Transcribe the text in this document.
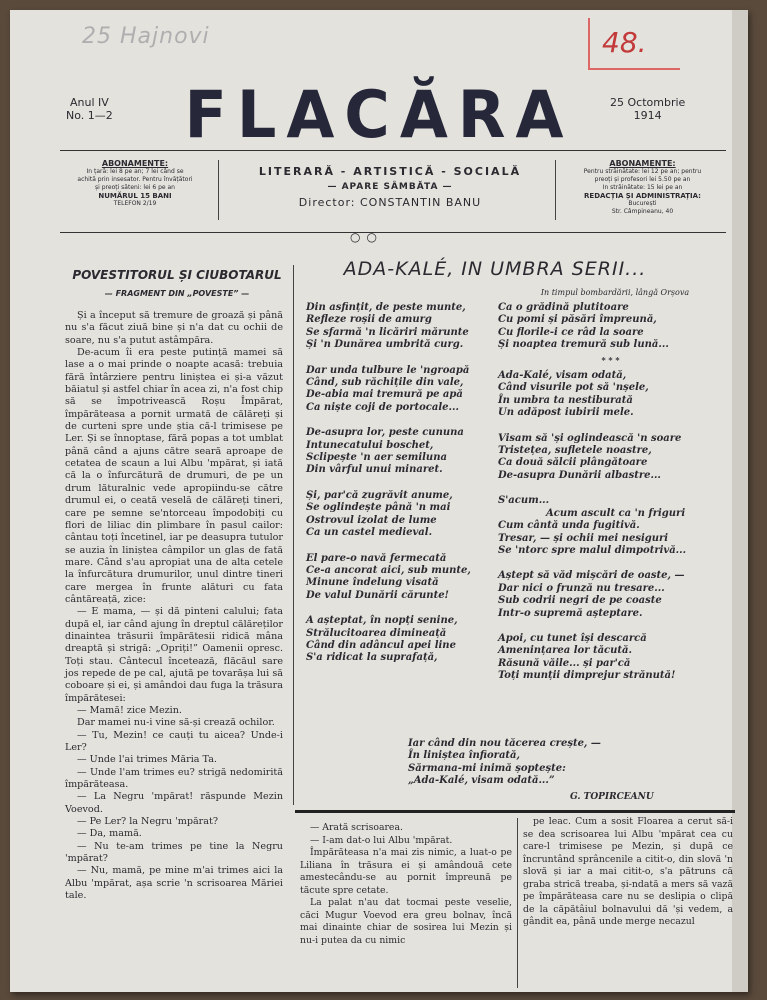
25 Hajnovi	48.
Anul IV
No. 1—2	FLACĂRA	25 Octombrie
1914
ABONAMENTE:
In țară: lei 8 pe an; 7 lei când se
achită prin insesator. Pentru învățători
și preoți săteni: lei 6 pe an
NUMĂRUL 15 BANI
TELEFON 2/19
LITERARĂ - ARTISTICĂ - SOCIALĂ
— APARE SÂMBĂTA —
Director: CONSTANTIN BANU
ABONAMENTE:
Pentru străinătate: lei 12 pe an; pentru
preoți și profesori lei 5.50 pe an
In străinătate: 15 lei pe an
REDACȚIA ȘI ADMINISTRAȚIA:
București
Str. Câmpineanu, 40
○○
POVESTITORUL ȘI CIUBOTARUL
— FRAGMENT DIN „POVESTE” —

Și a început să tremure de groază și până nu s'a făcut ziuă bine și n'a dat cu ochii de soare, nu s'a putut astâmpăra.

De-acum îi era peste putință mamei să lase a o mai prinde o noapte acasă: trebuia fără întârziere pentru liniștea ei și-a văzut băiatul și astfel chiar în acea zi, n'a fost chip să se împotrivească Roșu Împărat, împărăteasa a pornit urmată de călăreți și de curteni spre unde știa că-l trimisese pe Ler. Și se înnoptase, fără popas a tot umblat până când a ajuns către seară aproape de cetatea de scaun a lui Albu 'mpărat, și iată că la o înfurcătură de drumuri, de pe un drum lăturalnic vede apropiindu-se către drumul ei, o ceată veselă de călăreți tineri, care pe semne se'ntorceau împodobiți cu flori de liliac din plimbare în pasul cailor: cântau toți încetinel, iar pe deasupra tutulor se auzia în liniștea câmpilor un glas de fată mare. Când s'au apropiat una de alta cetele la înfurcătura drumurilor, unul dintre tineri care mergea în frunte alături cu fata cântăreață, zice:

— E mama, — și dă pinteni calului; fata după el, iar când ajung în dreptul călăreților dinaintea trăsurii împărătesii ridică mâna dreaptă și strigă: „Opriți!” Oamenii opresc. Toți stau. Cântecul încetează, flăcăul sare jos repede de pe cal, ajută pe tovarășa lui să coboare și ei, și amândoi dau fuga la trăsura împărătesei:

— Mamă! zice Mezin.

Dar mamei nu-i vine să-și crează ochilor.

— Tu, Mezin! ce cauți tu aicea? Unde-i Ler?

— Unde l'ai trimes Măria Ta.

— Unde l'am trimes eu? strigă nedomirită împărăteasa.

— La Negru 'mpărat! răspunde Mezin Voevod.

— Pe Ler? la Negru 'mpărat?

— Da, mamă.

— Nu te-am trimes pe tine la Negru 'mpărat?

— Nu, mamă, pe mine m'ai trimes aici la Albu 'mpărat, așa scrie 'n scrisoarea Măriei tale.

ADA-KALÉ, IN UMBRA SERII...
In timpul bombardării, lângă Orșova
Din asfințit, de peste munte,
Refleze roșii de amurg
Se sfarmă 'n licăriri mărunte
Și 'n Dunărea umbrită curg.
Dar unda tulbure le 'ngroapă
Când, sub răchițile din vale,
De-abia mai tremură pe apă
Ca niște coji de portocale...
De-asupra lor, peste cununa
Intunecatului boschet,
Sclipește 'n aer semiluna
Din vârful unui minaret.
Și, par'că zugrăvit anume,
Se oglindește până 'n mai
Ostrovul izolat de lume
Ca un castel medieval.
El pare-o navă fermecată
Ce-a ancorat aici, sub munte,
Minune îndelung visată
De valul Dunării cărunte!
A așteptat, în nopți senine,
Strălucitoarea dimineață
Când din adâncul apei line
S'a ridicat la suprafață,
Ca o grădină plutitoare
Cu pomi și păsări împreună,
Cu florile-i ce râd la soare
Și noaptea tremură sub lună...
* * *
Ada-Kalé, visam odată,
Când visurile pot să 'nșele,
În umbra ta nestiburată
Un adăpost iubirii mele.
Visam să 'și oglindească 'n soare
Tristețea, sufletele noastre,
Ca două sălcii plângătoare
De-asupra Dunării albastre...
S'acum...
Acum ascult ca 'n friguri
Cum cântă unda fugitivă.
Tresar, — și ochii mei nesiguri
Se 'ntorc spre malul dimpotrivă...
Aștept să văd mișcări de oaste, —
Dar nici o frunză nu tresare...
Sub codrii negri de pe coaste
Intr-o supremă așteptare.
Apoi, cu tunet își descarcă
Amenințarea lor tăcută.
Răsună văile... și par'că
Toți munții dimprejur strănută!
Iar când din nou tăcerea crește, —
În liniștea înfiorată,
Sărmana-mi inimă șoptește:
„Ada-Kalé, visam odată...”
G. TOPIRCEANU

— Arată scrisoarea.

— I-am dat-o lui Albu 'mpărat.

Împărăteasa n'a mai zis nimic, a luat-o pe Liliana în trăsura ei și amândouă cete amestecându-se au pornit împreună pe tăcute spre cetate.

La palat n'au dat tocmai peste veselie, căci Mugur Voevod era greu bolnav, încă mai dinainte chiar de sosirea lui Mezin și nu-i putea da cu nimic

pe leac. Cum a sosit Floarea a cerut să-i se dea scrisoarea lui Albu 'mpărat cea cu care-l trimisese pe Mezin, și după ce încruntând sprâncenile a citit-o, din slovă 'n slovă și iar a mai citit-o, s'a pătruns că graba strică treaba, și-ndată a mers să vază pe împărăteasa care nu se deslipia o clipă de la căpătâiul bolnavului dă 'și vedem, a gândit ea, până unde merge necazul
